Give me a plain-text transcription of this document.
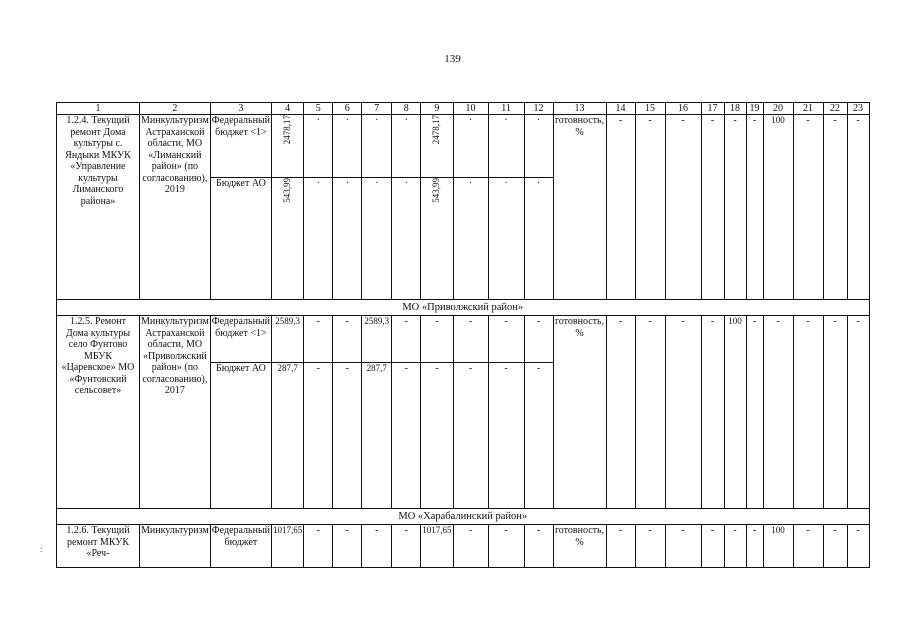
139
:
1	2	3	4	5	6	7	8	9	10	11	12	13	14	15	16	17	18	19	20	21	22	23
1.2.4. Текущий ремонт Дома культуры с. Яндыки МКУК «Управление культуры Лиманского района»	Минкультуризм Астраханской области, МО «Лиманский район» (по согласованию), 2019	Федеральный бюджет <1>	2478,17	·	·	·	·	2478,17	·	·	·	готовность, %	-	-	-	-	-	-	100	-	-	-
		Бюджет АО	543,99	·	·	·	·	543,99	·	·	·											
МО «Приволжский район»																						
1.2.5. Ремонт Дома культуры село Фунтово МБУК «Царевское» МО «Фунтовский сельсовет»	Минкультуризм Астраханской области, МО «Приволжский район» (по согласованию), 2017	Федеральный бюджет <1>	2589,3	-	-	2589,3	-	-	-	-	-	готовность, %	-	-	-	-	100	-	-	-	-	-
		Бюджет АО	287,7	-	-	287,7	-	-	-	-	-											
МО «Харабалинский район»																						
1.2.6. Текущий ремонт МКУК «Реч-	Минкультуризм	Федеральный бюджет	1017,65	-	-	-	-	1017,65	-	-	-	готовность, %	-	-	-	-	-	-	100	-	-	-
